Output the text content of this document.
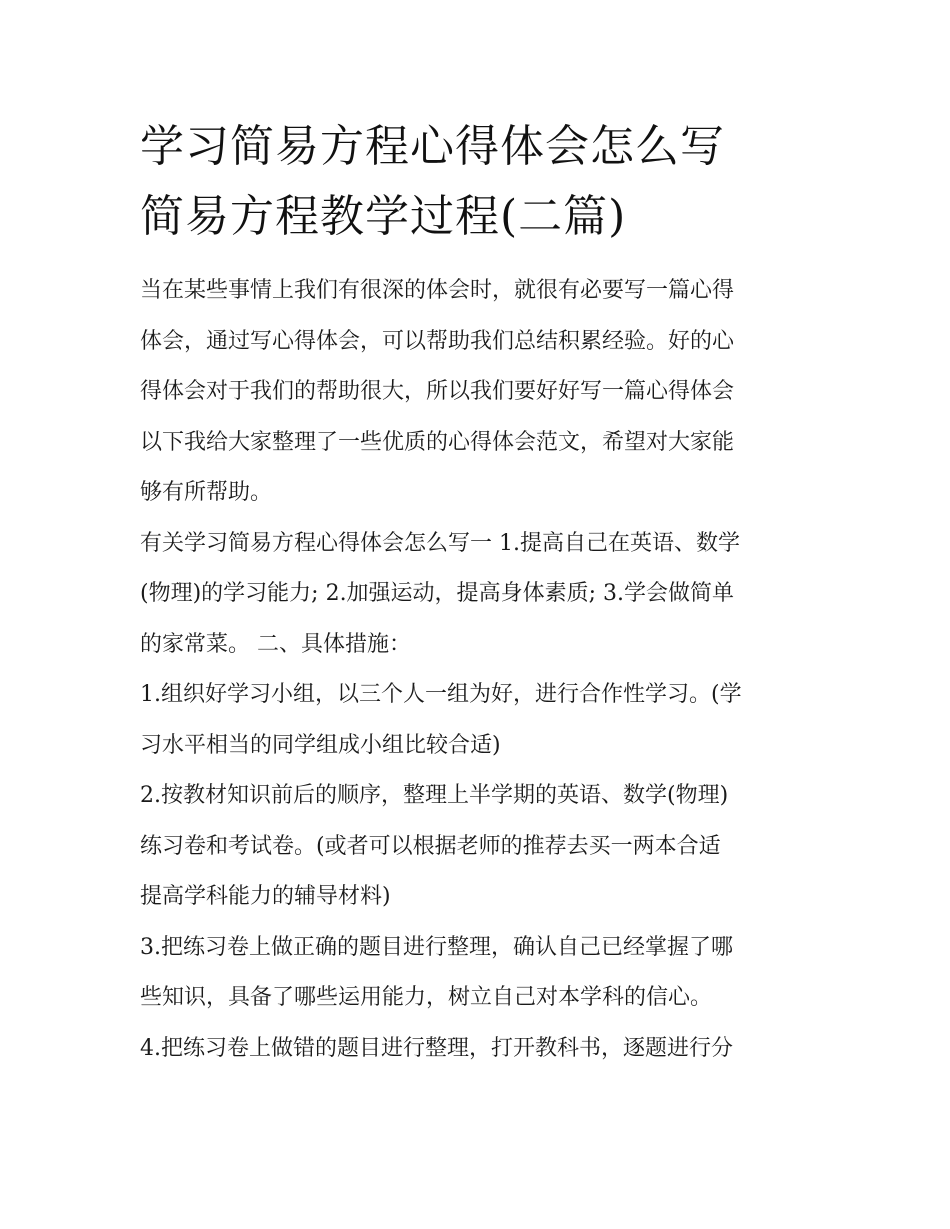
学习简易方程心得体会怎么写
简易方程教学过程(二篇)

当在某些事情上我们有很深的体会时，就很有必要写一篇心得
体会，通过写心得体会，可以帮助我们总结积累经验。好的心
得体会对于我们的帮助很大，所以我们要好好写一篇心得体会
以下我给大家整理了一些优质的心得体会范文，希望对大家能
够有所帮助。

有关学习简易方程心得体会怎么写一 1.提高自己在英语、数学
(物理)的学习能力; 2.加强运动，提高身体素质; 3.学会做简单
的家常菜。 二、具体措施：

1.组织好学习小组，以三个人一组为好，进行合作性学习。(学
习水平相当的同学组成小组比较合适)

2.按教材知识前后的顺序，整理上半学期的英语、数学(物理)
练习卷和考试卷。(或者可以根据老师的推荐去买一两本合适
提高学科能力的辅导材料)

3.把练习卷上做正确的题目进行整理，确认自己已经掌握了哪
些知识，具备了哪些运用能力，树立自己对本学科的信心。

4.把练习卷上做错的题目进行整理，打开教科书，逐题进行分
